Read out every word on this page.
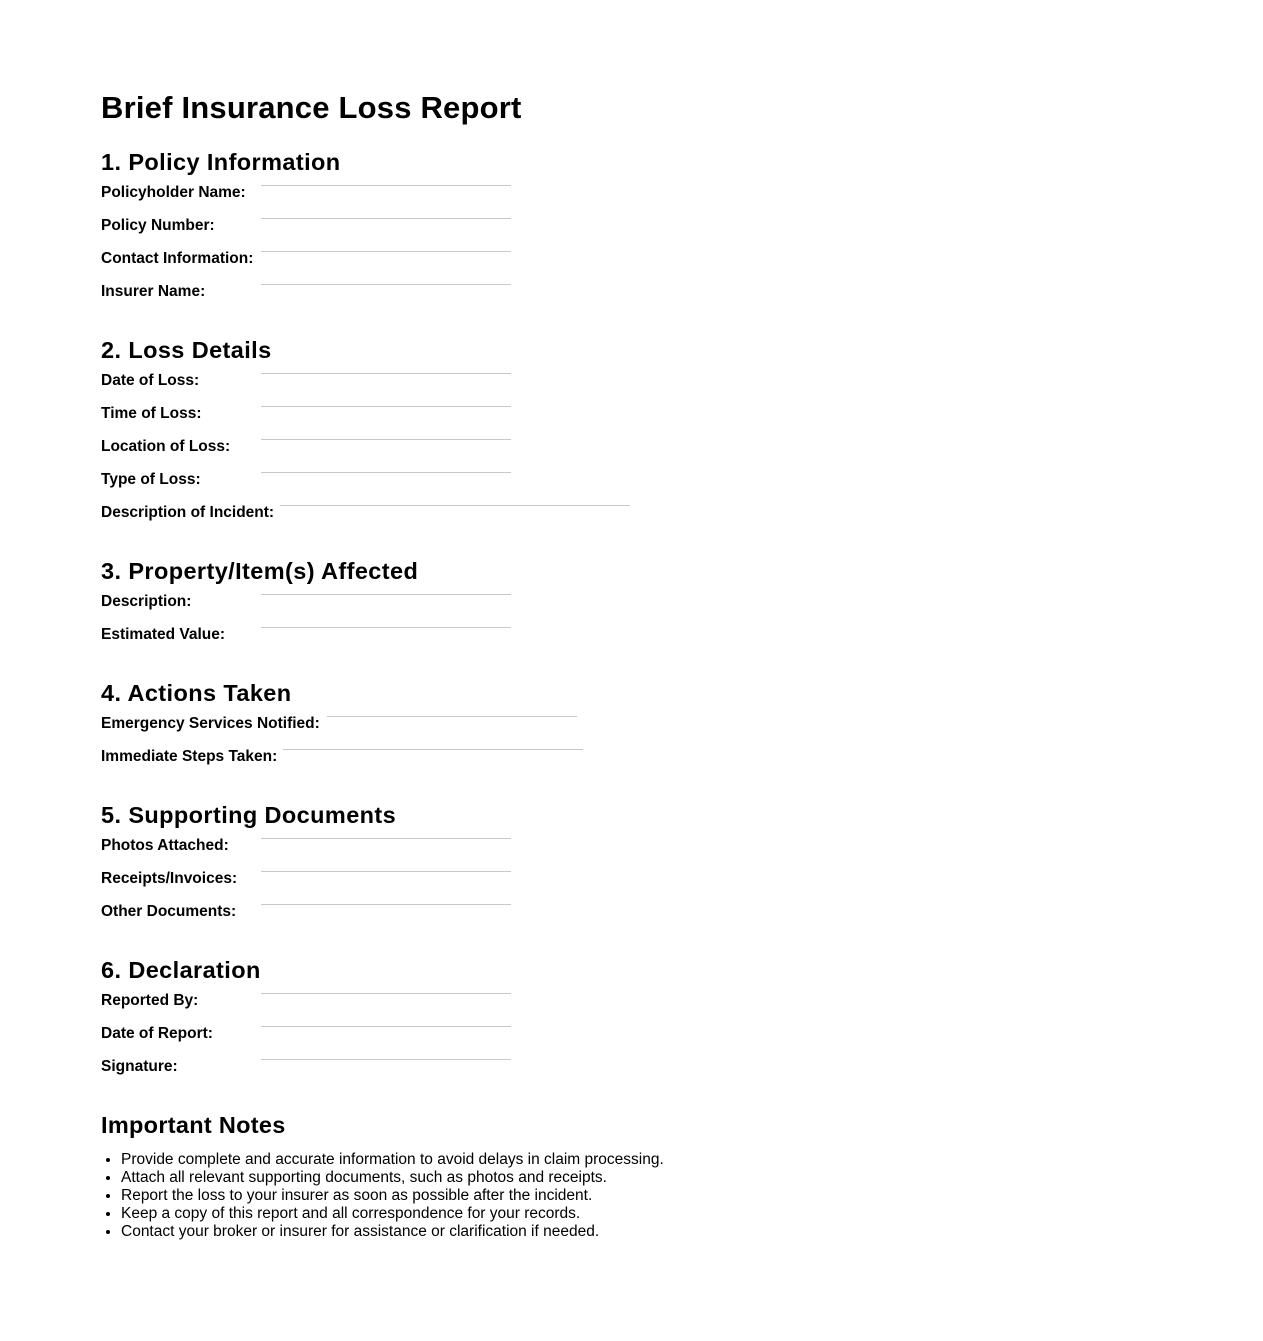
Brief Insurance Loss Report
1. Policy Information
Policyholder Name:
Policy Number:
Contact Information:
Insurer Name:
2. Loss Details
Date of Loss:
Time of Loss:
Location of Loss:
Type of Loss:
Description of Incident:
3. Property/Item(s) Affected
Description:
Estimated Value:
4. Actions Taken
Emergency Services Notified:
Immediate Steps Taken:
5. Supporting Documents
Photos Attached:
Receipts/Invoices:
Other Documents:
6. Declaration
Reported By:
Date of Report:
Signature:
Important Notes
• Provide complete and accurate information to avoid delays in claim processing.
• Attach all relevant supporting documents, such as photos and receipts.
• Report the loss to your insurer as soon as possible after the incident.
• Keep a copy of this report and all correspondence for your records.
• Contact your broker or insurer for assistance or clarification if needed.
